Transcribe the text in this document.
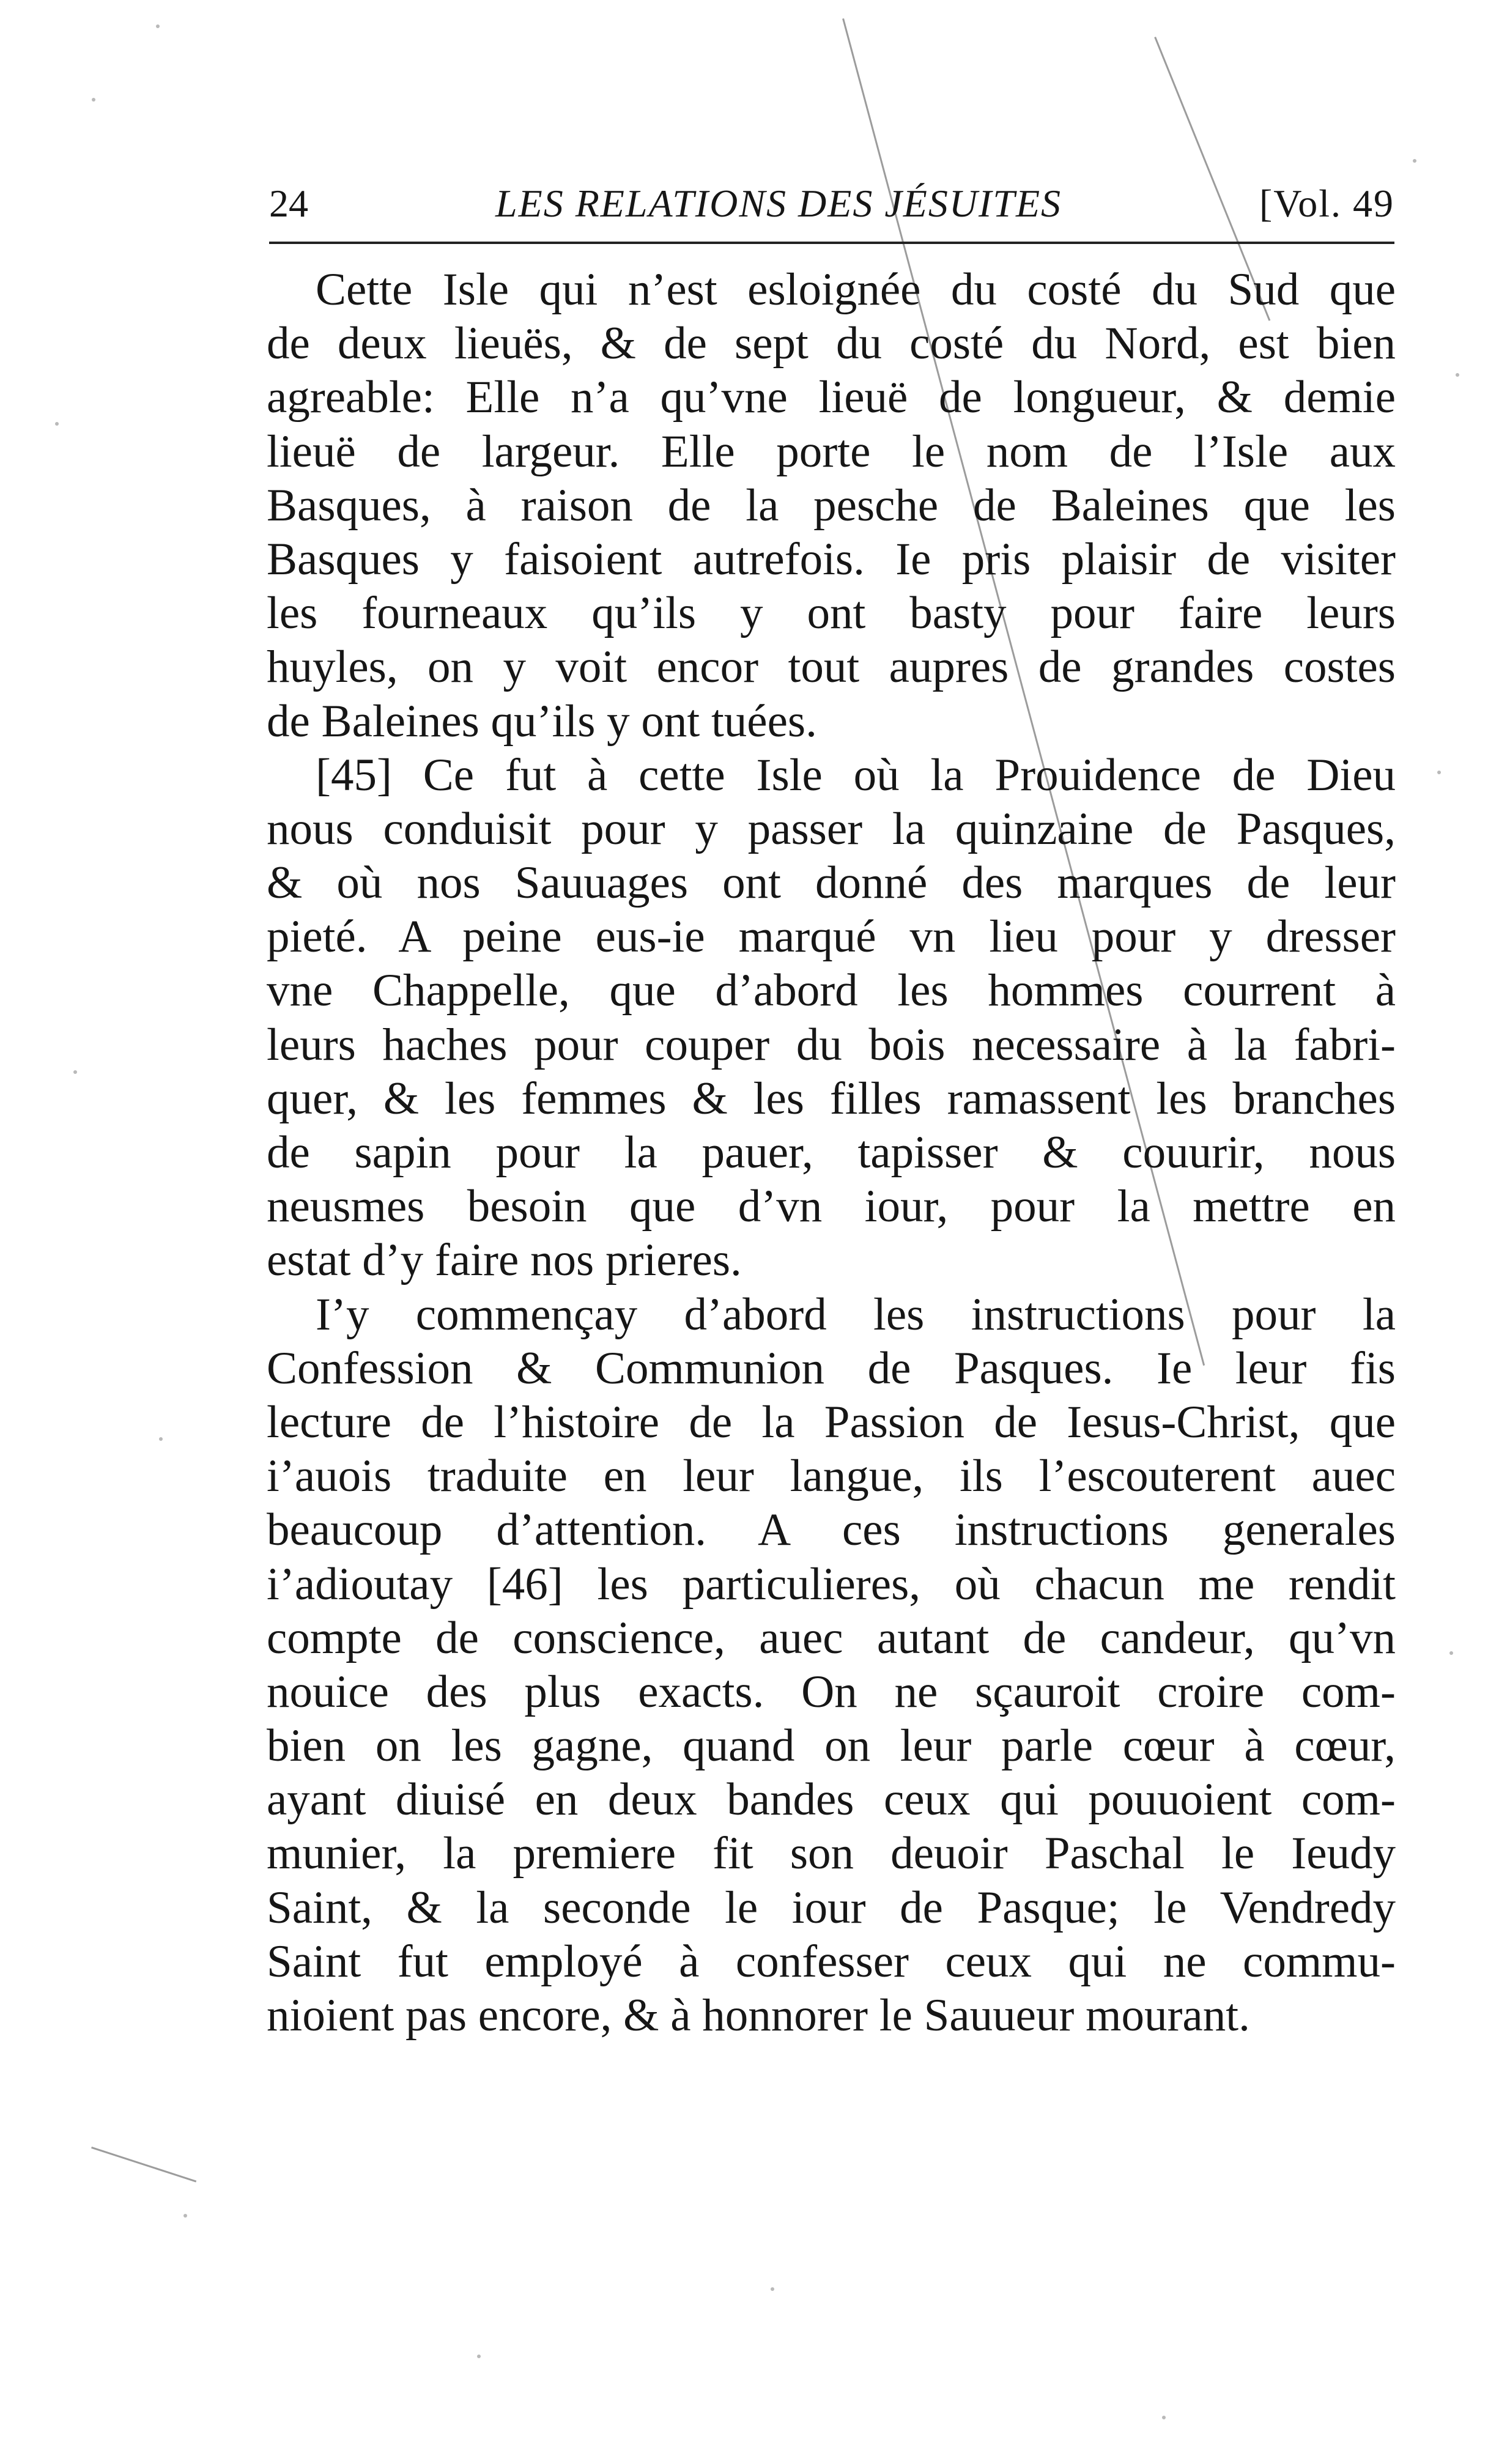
24	LES RELATIONS DES JÉSUITES	[Vol. 49
Cette Isle qui n’est esloignée du costé du Sud que
de deux lieuës, & de sept du costé du Nord, est bien
agreable: Elle n’a qu’vne lieuë de longueur, & demie
lieuë de largeur. Elle porte le nom de l’Isle aux
Basques, à raison de la pesche de Baleines que les
Basques y faisoient autrefois. Ie pris plaisir de visiter
les fourneaux qu’ils y ont basty pour faire leurs
huyles, on y voit encor tout aupres de grandes costes
de Baleines qu’ils y ont tuées.
[45] Ce fut à cette Isle où la Prouidence de Dieu
nous conduisit pour y passer la quinzaine de Pasques,
& où nos Sauuages ont donné des marques de leur
pieté. A peine eus-ie marqué vn lieu pour y dresser
vne Chappelle, que d’abord les hommes courrent à
leurs haches pour couper du bois necessaire à la fabri-
quer, & les femmes & les filles ramassent les branches
de sapin pour la pauer, tapisser & couurir, nous
neusmes besoin que d’vn iour, pour la mettre en
estat d’y faire nos prieres.
I’y commençay d’abord les instructions pour la
Confession & Communion de Pasques. Ie leur fis
lecture de l’histoire de la Passion de Iesus-Christ, que
i’auois traduite en leur langue, ils l’escouterent auec
beaucoup d’attention. A ces instructions generales
i’adioutay [46] les particulieres, où chacun me rendit
compte de conscience, auec autant de candeur, qu’vn
nouice des plus exacts. On ne sçauroit croire com-
bien on les gagne, quand on leur parle cœur à cœur,
ayant diuisé en deux bandes ceux qui pouuoient com-
munier, la premiere fit son deuoir Paschal le Ieudy
Saint, & la seconde le iour de Pasque; le Vendredy
Saint fut employé à confesser ceux qui ne commu-
nioient pas encore, & à honnorer le Sauueur mourant.
